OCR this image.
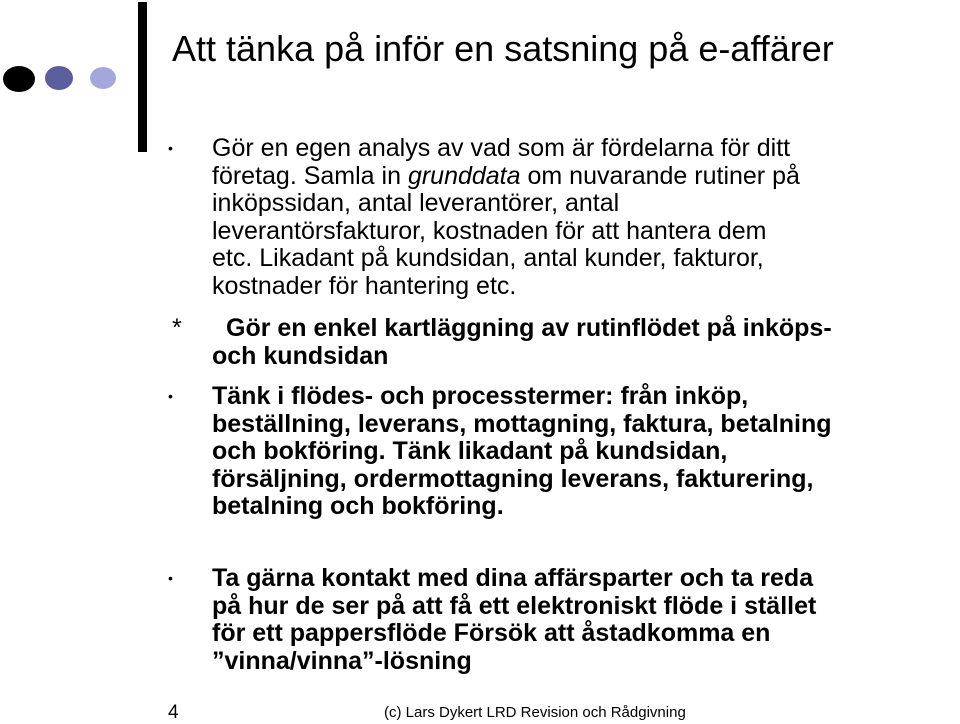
Att tänka på inför en satsning på e-affärer
• Gör en egen analys av vad som är fördelarna för ditt
företag. Samla in grunddata om nuvarande rutiner på
inköpssidan, antal leverantörer, antal
leverantörsfakturor, kostnaden för att hantera dem
etc. Likadant på kundsidan, antal kunder, fakturor,
kostnader för hantering etc.
*	Gör en enkel kartläggning av rutinflödet på inköps-
och kundsidan
• Tänk i flödes- och processtermer: från inköp,
beställning, leverans, mottagning, faktura, betalning
och bokföring. Tänk likadant på kundsidan,
försäljning, ordermottagning leverans, fakturering,
betalning och bokföring.
• Ta gärna kontakt med dina affärsparter och ta reda
på hur de ser på att få ett elektroniskt flöde i stället
för ett pappersflöde Försök att åstadkomma en
”vinna/vinna”-lösning
4	(c) Lars Dykert LRD Revision och Rådgivning
